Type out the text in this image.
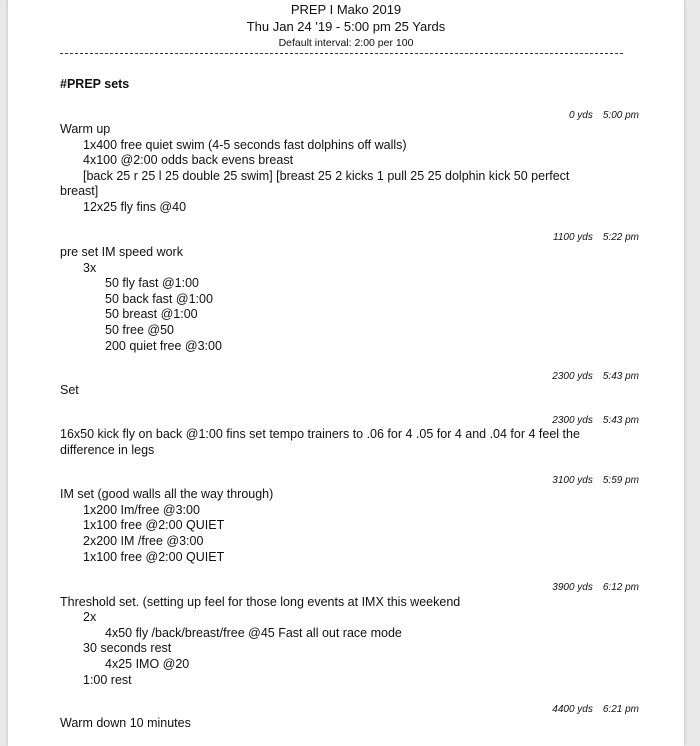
PREP I Mako 2019
Thu Jan 24 '19 - 5:00 pm 25 Yards
Default interval: 2:00 per 100
#PREP sets
0 yds 5:00 pm
Warm up
1x400 free quiet swim (4-5 seconds fast dolphins off walls)
4x100 @2:00 odds back evens breast
[back 25 r 25 l 25 double 25 swim] [breast 25 2 kicks 1 pull 25 25 dolphin kick 50 perfect
breast]
12x25 fly fins @40
1100 yds 5:22 pm
pre set IM speed work
3x
50 fly fast @1:00
50 back fast @1:00
50 breast @1:00
50 free @50
200 quiet free @3:00
2300 yds 5:43 pm
Set
2300 yds 5:43 pm
16x50 kick fly on back @1:00 fins set tempo trainers to .06 for 4 .05 for 4 and .04 for 4 feel the difference in legs
3100 yds 5:59 pm
IM set (good walls all the way through)
1x200 Im/free @3:00
1x100 free @2:00 QUIET
2x200 IM /free @3:00
1x100 free @2:00 QUIET
3900 yds 6:12 pm
Threshold set. (setting up feel for those long events at IMX this weekend
2x
4x50 fly /back/breast/free @45 Fast all out race mode
30 seconds rest
4x25 IMO @20
1:00 rest
4400 yds 6:21 pm
Warm down 10 minutes
